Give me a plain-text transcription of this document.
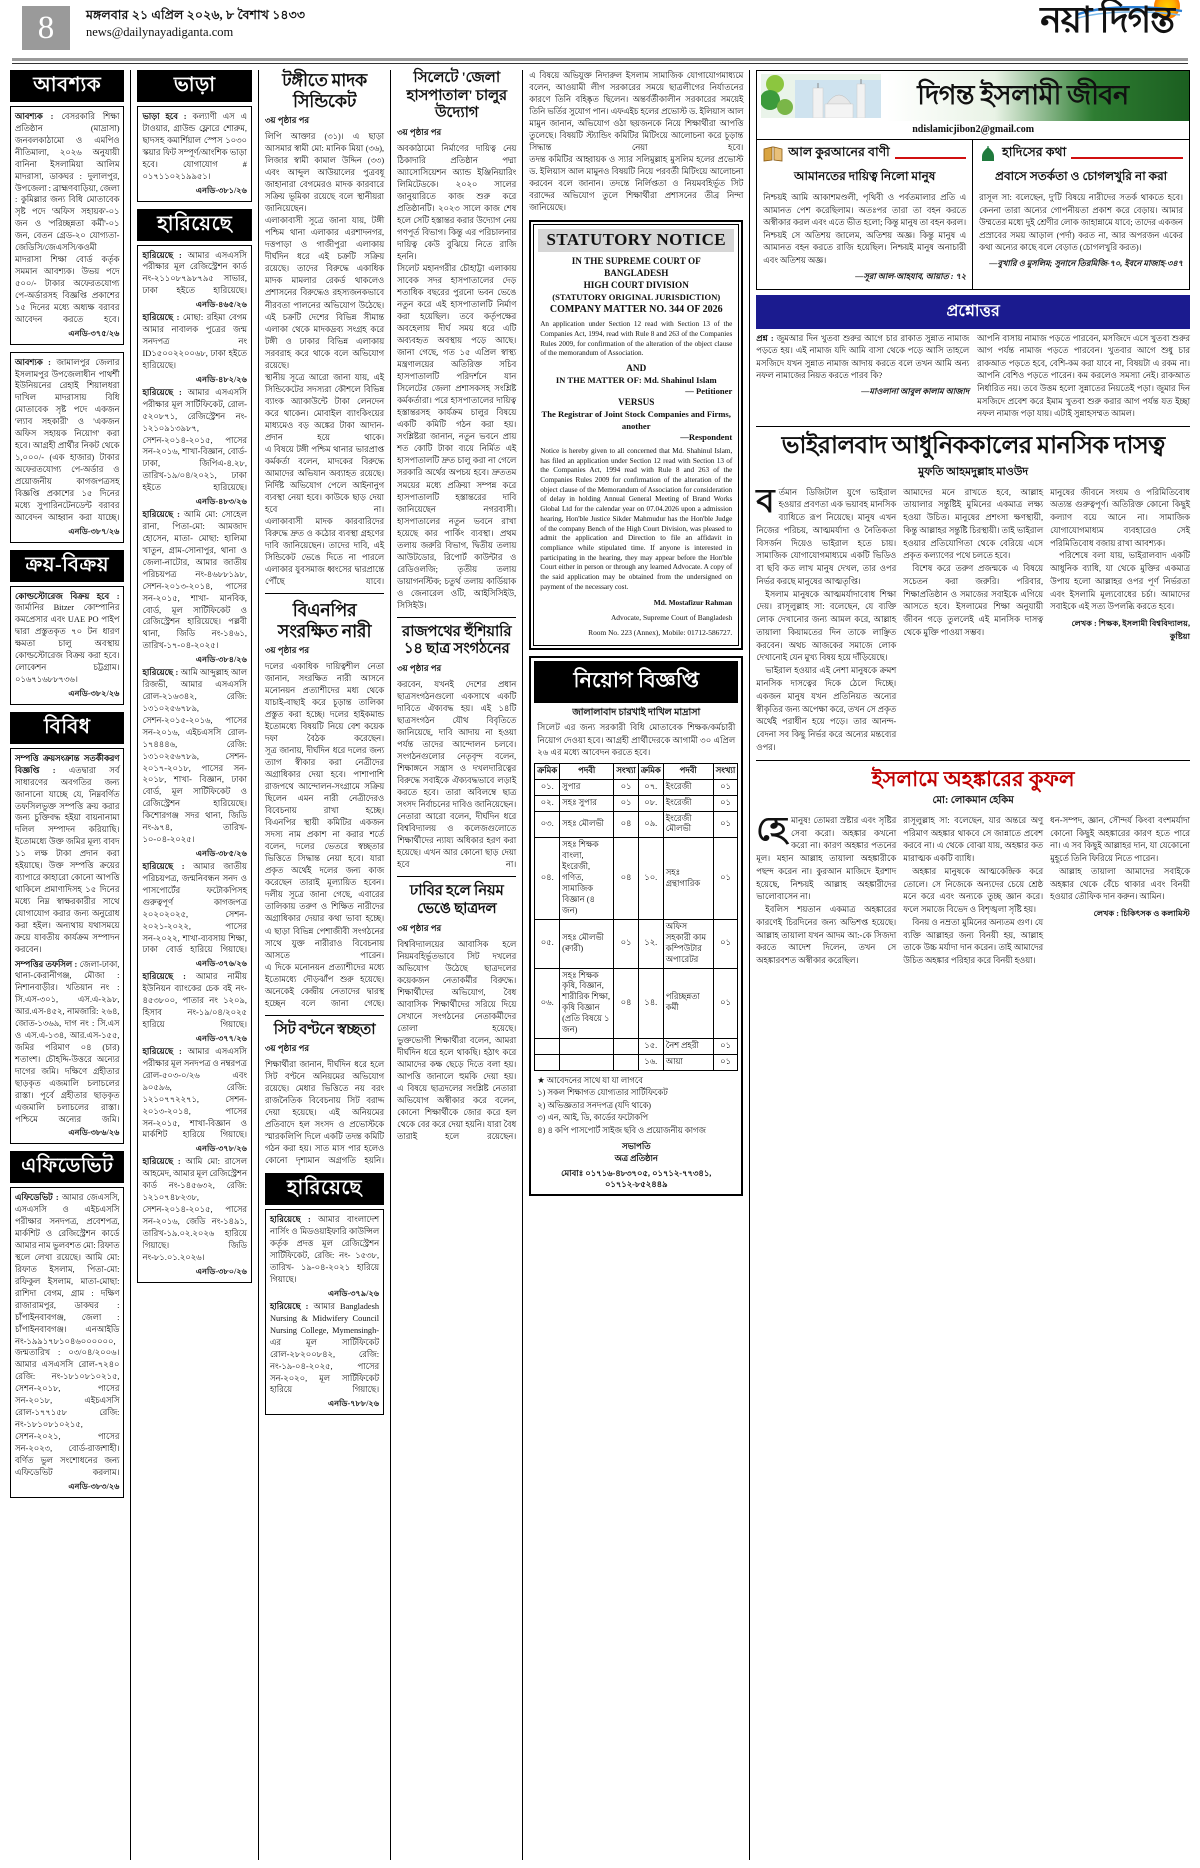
8	মঙ্গলবার ২১ এপ্রিল ২০২৬, ৮ বৈশাখ ১৪৩৩
news@dailynayadiganta.com	নয়া দিগন্ত
আবশ্যক

আবশ্যক : বেসরকারি শিক্ষা প্রতিষ্ঠান (মাদ্রাসা) জনবলকাঠামো ও এমপিও নীতিমালা, ২০২৬ অনুযায়ী বানিনা ইসলামিয়া আলিম মাদরাসা, ডাকঘর : দুলালপুর, উপজেলা : ব্রাহ্মণবাড়িয়া, জেলা : কুমিল্লার জন্য বিধি মোতাবেক সৃষ্ট পদে 'অফিস সহায়ক'-০১ জন ও 'পরিচ্ছন্নতা কর্মী'-০১ জন, বেতন গ্রেড-২০ যোগ্যতা- জেডিসি/জেএসসি/কওমী মাদরাসা শিক্ষা বোর্ড কর্তৃক সমমান আবশ্যক। উভয় পদে ৫০০/- টাকার অফেরতযোগ্য পে-অর্ডারসহ বিজ্ঞপ্তি প্রকাশের ১৫ দিনের মধ্যে অধ্যক্ষ বরাবর আবেদন করতে হবে।

এনডি-৩৭৫/২৬

আবশ্যক : জামালপুর জেলার ইসলামপুর উপজেলাধীন পাথর্শী ইউনিয়নের রেহাই শিয়ালধরা দাখিল মাদরাসায় বিধি মোতাবেক সৃষ্ট পদে একজন 'ল্যাব সহকারী' ও 'একজন অফিস সহায়ক নিয়োগ' করা হবে। আগ্রহী প্রার্থীর নিকট থেকে ১,০০০/- (এক হাজার) টাকার অফেরতযোগ্য পে-অর্ডার ও প্রয়োজনীয় কাগজপত্রসহ বিজ্ঞপ্তি প্রকাশের ১৫ দিনের মধ্যে সুপারিনটেনডেন্ট বরাবর আবেদন আহ্বান করা যাচ্ছে।

এনডি-৩৮৭/২৬
ক্রয়-বিক্রয়

কোল্ডস্টোরেজ বিক্রয় হবে : জার্মানির Bitzer কোম্পানির কমপ্রেসার এবং UAE PO পাইপ দ্বারা প্রস্তুতকৃত ৭০ টন ধারণ ক্ষমতা চালু অবস্থায় কোল্ডস্টোরেজ বিক্রয় করা হবে। লোকেশন চট্টগ্রাম। ০১৬৭১৬৮৮৭৩৬।

এনডি-৩৮২/২৬
বিবিধ

সম্পত্তি ক্রয়সংক্রান্ত সতর্কীকরণ বিজ্ঞপ্তি : এতদ্বারা সর্ব সাধারণের অবগতির জন্য জানানো যাচ্ছে যে, নিম্নবর্ণিত তফসিলভুক্ত সম্পত্তি ক্রয় করার জন্য চুক্তিবদ্ধ হইয়া বায়নানামা দলিল সম্পাদন করিয়াছি। ইতোমধ্যে উক্ত জমির মূল্য বাবদ ১১ লক্ষ টাকা প্রদান করা হইয়াছে। উক্ত সম্পত্তি ক্রয়ের ব্যাপারে কাহারো কোনো আপত্তি থাকিলে প্রমাণাদিসহ ১৫ দিনের মধ্যে নিম্ন স্বাক্ষরকারীর সাথে যোগাযোগ করার জন্য অনুরোধ করা হইল। অন্যথায় যথাসময়ে ক্রয়ে যাবতীয় কার্যক্রম সম্পাদন করবেন।

সম্পত্তির তফসিল : জেলা-ঢাকা, থানা-কেরানীগঞ্জ, মৌজা : নিশানবাড়ীর। খতিয়ান নং : সি.এস-৩০১, এস.এ-২৯৮, আর.এস-৪৫২, নামজারি: ২৬৪, জোত-১৩৬৯, দাগ নং : সি.এস ও এস.এ-১৩৪, আর.এস-১৫৫, জমির পরিমাণ ০৪ (চার) শতাংশ। চৌহদ্দি-উত্তরে অন্যের দাগের জমি। দক্ষিণে গ্রহীতার ছাড়কৃত এজমালি চলাচলের রাস্তা। পূর্বে গ্রহীতার ছাড়কৃত এজমালি চলাচলের রাস্তা। পশ্চিমে অন্যের জমি।

এনডি-৩৮৬/২৬
এফিডেভিট

এফিডেভিট : আমার জেএসসি, এসএসসি ও এইচএসসি পরীক্ষার সনদপত্র, প্রবেশপত্র, মার্কশিট ও রেজিস্ট্রেশন কার্ডে আমার নাম ভুলবশত মো: রিফাত স্থলে লেখা রয়েছে। আমি মো: রিফাত ইসলাম, পিতা-মো: রফিকুল ইসলাম, মাতা-মোছা: রাশিদা বেগম, গ্রাম : দক্ষিণ রাজারামপুর, ডাকঘর : চাঁপাইনবাবগঞ্জ, জেলা : চাঁপাইনবাবগঞ্জ। এনআইডি নং-১৯৯১৭৮১০৪৬০০০০০০, জন্মতারিখ : ০৩/০৪/২০০৬। আমার এসএসসি রোল-৭২৪০ রেজি: নং-১৮১০৮১০২১৫, সেশন-২০১৮, পাসের সন-২০১৮, এইচএসসি রোল-১৭৭১৫৮ রেজি: নং-১৮১০৮১০২১৫, সেশন-২০২১, পাসের সন-২০২৩, বোর্ড-রাজশাহী। বর্ণিত ভুল সংশোধনের জন্য এফিডেভিট করলাম।

এনডি-৩৮৩/২৬
ভাড়া

ভাড়া হবে : কল্যাণী এস এ টাওয়ার, গ্রাউন্ড ফ্লোরে শোরুম, ছাদসহ কমার্শিয়াল স্পেস ১০৩০ স্কয়ার ফিট সম্পূর্ণ/আংশিক ভাড়া হবে। যোগাযোগ # ০১৭১১০২১৯৯৫১।

এনডি-৩৮১/২৬
হারিয়েছে

হারিয়েছে : আমার এসএসসি পরীক্ষার মূল রেজিস্ট্রেশন কার্ড নং-২১১০৮৭৯৮৭৯৫ সাভার, ঢাকা হইতে হারিয়েছে।

এনডি-৪৬৫/২৬

হারিয়েছে : মোছা: রহিমা বেগম আমার নাবালক পুত্রের জন্ম সনদপত্র নং ID১৫০০২২০০৬৮, ঢাকা হইতে হারিয়েছে।

এনডি-৪৮২/২৬

হারিয়েছে : আমার এসএসসি পরীক্ষার মূল সার্টিফিকেট, রোল- ৫২০৮৭১, রেজিস্ট্রেশন নং- ১২১০৯১৩৯৮৭, সেশন-২০১৪-২০১৫, পাসের সন-২০১৬, শাখা-বিজ্ঞান, বোর্ড-ঢাকা, জিপিএ-৪.২৮, তারিখ-১৯/০৪/২০২১, ঢাকা হইতে হারিয়েছে।

এনডি-৪৮৩/২৬

হারিয়েছে : আমি মো: সোহেল রানা, পিতা-মো: আমজাদ হোসেন, মাতা- মোছা: হালিমা খাতুন, গ্রাম-সোনাপুর, থানা ও জেলা-নাটোর, আমার জাতীয় পরিচয়পত্র নং-৪৬৮৮১৯৮, সেশন-২০১৩-২০১৪, পাসের সন-২০১৫, শাখা- মানবিক, বোর্ড, মূল সার্টিফিকেট ও রেজিস্ট্রেশন হারিয়েছে। পল্লবী থানা, জিডি নং-১৪৬১, তারিখ-১৭-০৪-২০২৫।

এনডি-৩৮৪/২৬

হারিয়েছে : আমি আব্দুল্লাহ আল রিজভী, আমার এসএসসি রোল-২১৬৩৪২, রেজি: ১৩১০২৫৬৭৮৯, সেশন-২০১৫-২০১৬, পাসের সন-২০১৬, এইচএসসি রোল- ১৭৪৪৪৬, রেজি: ১৩১০২৫৬৭৮৯, সেশন- ২০১৭-২০১৮, পাসের সন- ২০১৮, শাখা- বিজ্ঞান, ঢাকা বোর্ড, মূল সার্টিফিকেট ও রেজিস্ট্রেশন হারিয়েছে। কিশোরগঞ্জ সদর থানা, জিডি নং-৯৭৪, তারিখ- ১০-০৪-২০২৫।

এনডি-৩৮৫/২৬

হারিয়েছে : আমার জাতীয় পরিচয়পত্র, জন্মনিবন্ধন সনদ ও পাসপোর্টের ফটোকপিসহ গুরুত্বপূর্ণ কাগজপত্র ২০২০২০২৫, সেশন- ২০২১-২০২২, পাসের সন-২০২২, শাখা-ব্যবসায় শিক্ষা, ঢাকা বোর্ড হারিয়ে গিয়াছে।

এনডি-৩৭৬/২৬

হারিয়েছে : আমার নামীয় ইউনিয়ন ব্যাংকের চেক বই নং- ৪৫৩৮০০, পাতার নং ১২০৯, হিসাব নং-১৯/০৪/২০২৫ হারিয়ে গিয়াছে।

এনডি-৩৭৭/২৬

হারিয়েছে : আমার এসএসসি পরীক্ষার মূল সনদপত্র ও নম্বরপত্র রোল-৫০৩-০/২৬ এবং ৯০৫৯৬, রেজি: ১২১০৭৭২২৭১, সেশন- ২০১৩-২০১৪, পাসের সন-২০১৫, শাখা-বিজ্ঞান ও মার্কশিট হারিয়ে গিয়াছে।

এনডি-৩৭৮/২৬

হারিয়েছে : আমি মো: রাসেল আহমেদ, আমার মূল রেজিস্ট্রেশন কার্ড নং-১৪৫৬৩২, রেজি: ১২১০৭৪৮২৩৮, সেশন-২০১৪-২০১৫, পাসের সন-২০১৬, জেডি নং-১৪৯১, তারিখ-১৯.০২.২০২৬ হারিয়ে গিয়াছে। জিডি নং-৮১.০১.২০২৬।

এনডি-৩৮০/২৬
টঙ্গীতে মাদক সিন্ডিকেট
৩য় পৃষ্ঠার পর

লিপি আক্তার (৩১)। এ ছাড়া আসমার স্বামী মো: মানিক মিয়া (৩৬), লিজার স্বামী কামাল উদ্দিন (৩৩) এবং আব্দুল আউয়ালের পুত্রবধূ জাহানারা বেগমেরও মাদক কারবারে সক্রিয় ভূমিকা রয়েছে বলে স্থানীয়রা জানিয়েছেন।

এলাকাবাসী সূত্রে জানা যায়, টঙ্গী পশ্চিম থানা এলাকার এরশাদনগর, দত্তপাড়া ও গাজীপুরা এলাকায় দীর্ঘদিন ধরে এই চক্রটি সক্রিয় রয়েছে। তাদের বিরুদ্ধে একাধিক মাদক মামলার রেকর্ড থাকলেও প্রশাসনের বিরুদ্ধেও রহস্যজনকভাবে নীরবতা পালনের অভিযোগ উঠেছে। এই চক্রটি দেশের বিভিন্ন সীমান্ত এলাকা থেকে মাদকদ্রব্য সংগ্রহ করে টঙ্গী ও ঢাকার বিভিন্ন এলাকায় সরবরাহ করে থাকে বলে অভিযোগ রয়েছে।

স্থানীয় সূত্রে আরো জানা যায়, এই সিন্ডিকেটের সদস্যরা কৌশলে বিভিন্ন ব্যাংক অ্যাকাউন্টে টাকা লেনদেন করে থাকেন। মোবাইল ব্যাংকিংয়ের মাধ্যমেও বড় অঙ্কের টাকা আদান-প্রদান হয়ে থাকে।

এ বিষয়ে টঙ্গী পশ্চিম থানার ভারপ্রাপ্ত কর্মকর্তা বলেন, মাদকের বিরুদ্ধে আমাদের অভিযান অব্যাহত রয়েছে। নির্দিষ্ট অভিযোগ পেলে আইনানুগ ব্যবস্থা নেয়া হবে। কাউকে ছাড় দেয়া হবে না।

এলাকাবাসী মাদক কারবারিদের বিরুদ্ধে দ্রুত ও কঠোর ব্যবস্থা গ্রহণের দাবি জানিয়েছেন। তাদের দাবি, এই সিন্ডিকেট ভেঙে দিতে না পারলে এলাকার যুবসমাজ ধ্বংসের দ্বারপ্রান্তে পৌঁছে যাবে।

বিএনপির সংরক্ষিত নারী
৩য় পৃষ্ঠার পর

দলের একাধিক দায়িত্বশীল নেতা জানান, সংরক্ষিত নারী আসনে মনোনয়ন প্রত্যাশীদের মধ্য থেকে যাচাই-বাছাই করে চূড়ান্ত তালিকা প্রস্তুত করা হচ্ছে। দলের হাইকমান্ড ইতোমধ্যে বিষয়টি নিয়ে বেশ কয়েক দফা বৈঠক করেছেন।

সূত্র জানায়, দীর্ঘদিন ধরে দলের জন্য ত্যাগ স্বীকার করা নেত্রীদের অগ্রাধিকার দেয়া হবে। পাশাপাশি রাজপথে আন্দোলন-সংগ্রামে সক্রিয় ছিলেন এমন নারী নেত্রীদেরও বিবেচনায় রাখা হচ্ছে।

বিএনপির স্থায়ী কমিটির একজন সদস্য নাম প্রকাশ না করার শর্তে বলেন, দলের ভেতরে স্বচ্ছতার ভিত্তিতে সিদ্ধান্ত নেয়া হবে। যারা প্রকৃত অর্থেই দলের জন্য কাজ করেছেন তারাই মূল্যায়িত হবেন।

দলীয় সূত্রে জানা গেছে, এবারের তালিকায় তরুণ ও শিক্ষিত নারীদের অগ্রাধিকার দেয়ার কথা ভাবা হচ্ছে। এ ছাড়া বিভিন্ন পেশাজীবী সংগঠনের সাথে যুক্ত নারীরাও বিবেচনায় আসতে পারেন।

এ দিকে মনোনয়ন প্রত্যাশীদের মধ্যে ইতোমধ্যে দৌড়ঝাঁপ শুরু হয়েছে। অনেকেই কেন্দ্রীয় নেতাদের দ্বারস্থ হচ্ছেন বলে জানা গেছে।

সিট বণ্টনে স্বচ্ছতা
৩য় পৃষ্ঠার পর

শিক্ষার্থীরা জানান, দীর্ঘদিন ধরে হলে সিট বণ্টনে অনিয়মের অভিযোগ রয়েছে। মেধার ভিত্তিতে নয় বরং রাজনৈতিক বিবেচনায় সিট বরাদ্দ দেয়া হয়েছে। এই অনিয়মের প্রতিবাদে হল সংসদ ও প্রভোস্টকে স্মারকলিপি দিলে একটি তদন্ত কমিটি গঠন করা হয়। সাত মাস পার হলেও কোনো দৃশ্যমান অগ্রগতি হয়নি।

হারিয়েছে

হারিয়েছে : আমার বাংলাদেশ নার্সিং ও মিডওয়াইফারি কাউন্সিল কর্তৃক প্রদত্ত মূল রেজিস্ট্রেশন সার্টিফিকেট, রেজি: নং- ১৫৩৮, তারিখ- ১৯-০৪-২০২১ হারিয়ে গিয়াছে।

এনডি-৩৭৯/২৬

হারিয়েছে : আমার Bangladesh Nursing & Midwifery Council Nursing College, Mymensingh-এর মূল সার্টিফিকেট রোল-২৮২০০৮৪২, রেজি: নং-১৯-০৪-২০২৫, পাসের সন-২০২০, মূল সার্টিফিকেট হারিয়ে গিয়াছে।

এনডি-৭৮৮/২৬
সিলেটে 'জেলা হাসপাতাল' চালুর উদ্যোগ
৩য় পৃষ্ঠার পর

অবকাঠামো নির্মাণের দায়িত্ব নেয় ঠিকাদারি প্রতিষ্ঠান পদ্মা অ্যাসোসিয়েশন অ্যান্ড ইঞ্জিনিয়ারিং লিমিটেডকে। ২০২০ সালের জানুয়ারিতে কাজ শুরু করে প্রতিষ্ঠানটি। ২০২৩ সালে কাজ শেষ হলে সেটি হস্তান্তর করার উদ্যোগ নেয় গণপূর্ত বিভাগ। কিন্তু এর পরিচালনার দায়িত্ব কেউ বুঝিয়ে নিতে রাজি হননি।

সিলেট মহানগরীর চৌহাট্টা এলাকায় সাবেক সদর হাসপাতালের দেড় শতাধিক বছরের পুরনো ভবন ভেঙে নতুন করে এই হাসপাতালটি নির্মাণ করা হয়েছিল। তবে কর্তৃপক্ষের অবহেলায় দীর্ঘ সময় ধরে এটি অব্যবহৃত অবস্থায় পড়ে আছে।

জানা গেছে, গত ১৫ এপ্রিল স্বাস্থ্য মন্ত্রণালয়ের অতিরিক্ত সচিব হাসপাতালটি পরিদর্শনে যান সিলেটের জেলা প্রশাসকসহ সংশ্লিষ্ট কর্মকর্তারা। পরে হাসপাতালের দায়িত্ব হস্তান্তরসহ কার্যক্রম চালুর বিষয়ে একটি কমিটি গঠন করা হয়।

সংশ্লিষ্টরা জানান, নতুন ভবনে প্রায় শত কোটি টাকা ব্যয়ে নির্মিত এই হাসপাতালটি দ্রুত চালু করা না গেলে সরকারি অর্থের অপচয় হবে। দ্রুততম সময়ের মধ্যে প্রক্রিয়া সম্পন্ন করে হাসপাতালটি হস্তান্তরের দাবি জানিয়েছেন নগরবাসী।

হাসপাতালের নতুন ভবনে রাখা হয়েছে কার পার্কিং ব্যবস্থা। প্রথম তলায় জরুরি বিভাগ, দ্বিতীয় তলায় আউটডোর, রিপোর্ট কাউন্টার ও রেডিওলজি; তৃতীয় তলায় ডায়াগনস্টিক; চতুর্থ তলায় কার্ডিয়াক ও জেনারেল ওটি, আইসিসিইউ, সিসিইউ।

রাজপথের হুঁশিয়ারি ১৪ ছাত্র সংগঠনের
৩য় পৃষ্ঠার পর

করবেন, যখনই দেশের প্রধান ছাত্রসংগঠনগুলো একসাথে একটি দাবিতে ঐক্যবদ্ধ হয়। এই ১৪টি ছাত্রসংগঠন যৌথ বিবৃতিতে জানিয়েছে, দাবি আদায় না হওয়া পর্যন্ত তাদের আন্দোলন চলবে।

সংগঠনগুলোর নেতৃবৃন্দ বলেন, শিক্ষাঙ্গনে সন্ত্রাস ও দখলদারিত্বের বিরুদ্ধে সবাইকে ঐক্যবদ্ধভাবে লড়াই করতে হবে। তারা অবিলম্বে ছাত্র সংসদ নির্বাচনের দাবিও জানিয়েছেন।

নেতারা আরো বলেন, দীর্ঘদিন ধরে বিশ্ববিদ্যালয় ও কলেজগুলোতে শিক্ষার্থীদের ন্যায্য অধিকার হরণ করা হয়েছে। এখন আর কোনো ছাড় দেয়া হবে না।

ঢাবির হলে নিয়ম ভেঙে ছাত্রদল
৩য় পৃষ্ঠার পর

বিশ্ববিদ্যালয়ের আবাসিক হলে নিয়মবহির্ভূতভাবে সিট দখলের অভিযোগ উঠেছে ছাত্রদলের কয়েকজন নেতাকর্মীর বিরুদ্ধে। শিক্ষার্থীদের অভিযোগ, বৈধ আবাসিক শিক্ষার্থীদের সরিয়ে দিয়ে সেখানে সংগঠনের নেতাকর্মীদের তোলা হয়েছে।

ভুক্তভোগী শিক্ষার্থীরা বলেন, আমরা দীর্ঘদিন ধরে হলে থাকছি। হঠাৎ করে আমাদের কক্ষ ছেড়ে দিতে বলা হয়। আপত্তি জানালে হুমকি দেয়া হয়।

এ বিষয়ে ছাত্রদলের সংশ্লিষ্ট নেতারা অভিযোগ অস্বীকার করে বলেন, কোনো শিক্ষার্থীকে জোর করে হল থেকে বের করে দেয়া হয়নি। যারা বৈধ তারাই হলে রয়েছেন।

এ বিষয়ে অভিযুক্ত নিদারুল ইসলাম সামাজিক যোগাযোগমাধ্যমে বলেন, আওয়ামী লীগ সরকারের সময়ে ছাত্রলীগের নির্যাতনের কারণে তিনি বহিষ্কৃত ছিলেন। অন্তর্বর্তীকালীন সরকারের সময়েই তিনি ভর্তির সুযোগ পান। এফএইচ হলের প্রভোস্ট ড. ইলিয়াস আল মামুন জানান, অভিযোগ ওঠা ছয়জনকে নিয়ে শিক্ষার্থীরা আপত্তি তুলেছে। বিষয়টি স্ট্যান্ডিং কমিটির মিটিংয়ে আলোচনা করে চূড়ান্ত সিদ্ধান্ত নেয়া হবে।

তদন্ত কমিটির আহ্বায়ক ও স্যার সলিমুল্লাহ মুসলিম হলের প্রভোস্ট ড. ইলিয়াস আল মামুনও বিষয়টি নিয়ে পরবর্তী মিটিংয়ে আলোচনা করবেন বলে জানান। তদন্তে নির্লিপ্ততা ও নিয়মবহির্ভূত সিট বরাদ্দের অভিযোগ তুলে শিক্ষার্থীরা প্রশাসনের তীব্র নিন্দা জানিয়েছে।

STATUTORY NOTICE
IN THE SUPREME COURT OF BANGLADESH
HIGH COURT DIVISION
(STATUTORY ORIGINAL JURISDICTION)
COMPANY MATTER NO. 344 OF 2026

An application under Section 12 read with Section 13 of the Companies Act, 1994, read with Rule 8 and 263 of the Companies Rules 2009, for confirmation of the alteration of the object clause of the memorandum of Association.

AND
IN THE MATTER OF: Md. Shahinul Islam
— Petitioner
VERSUS
The Registrar of Joint Stock Companies and Firms, another
—Respondent

Notice is hereby given to all concerned that Md. Shahinul Islam, has filed an application under Section 12 read with Section 13 of the Companies Act, 1994 read with Rule 8 and 263 of the Companies Rules 2009 for confirmation of the alteration of the object clause of the Memorandum of Association for consideration of delay in holding Annual General Meeting of Brand Works Global Ltd for the calendar year on 07.04.2026 upon a admission hearing, Hon'ble Justice Sikder Mahmudur has the Hon'ble Judge of the company Bench of the High Court Division, was pleased to admit the application and Direction to file an affidavit in compliance while stipulated time. If anyone is interested in participating in the hearing, they may appear before the Hon'ble Court either in person or through any learned Advocate. A copy of the said application may be obtained from the undersigned on payment of the necessary cost.

Md. Mostafizur Rahman
Advocate, Supreme Court of Bangladesh
Room No. 223 (Annex), Mobile: 01712-586727.
নিয়োগ বিজ্ঞপ্তি
জালালাবাদ চারখাই দাখিল মাদ্রাসা

সিলেট এর জন্য সরকারী বিধি মোতাবেক শিক্ষক/কর্মচারী নিয়োগ দেওয়া হবে। আগ্রহী প্রার্থীদেরকে আগামী ৩০ এপ্রিল ২৬ এর মধ্যে আবেদন করতে হবে।

ক্রমিক	পদবী	সংখ্যা	ক্রমিক	পদবী	সংখ্যা
০১.	সুপার	০১	০৭.	ইংরেজী	০১
০২.	সহঃ সুপার	০১	০৮.	ইংরেজী	০১
০৩.	সহঃ মৌলভী	০৪	০৯.	ইংরেজী মৌলভী	০১
০৪.	সহঃ শিক্ষক বাংলা, ইংরেজী, গণিত, সামাজিক বিজ্ঞান (৪ জন)	০৪	১০.	সহঃ গ্রন্থাগারিক	০১
০৫.	সহঃ মৌলভী (ক্বারী)	০১	১২.	অফিস সহকারী কাম কম্পিউটার অপারেটর	০১
০৬.	সহঃ শিক্ষক কৃষি, বিজ্ঞান, শারীরিক শিক্ষা, কৃষি বিজ্ঞান (প্রতি বিষয়ে ১ জন)	০৪	১৪.	পরিচ্ছন্নতা কর্মী	০১
			১৫.	নৈশ প্রহরী	০১
			১৬.	আয়া	০১
★ আবেদনের সাথে যা যা লাগবে
১) সকল শিক্ষাগত যোগ্যতার সার্টিফিকেট
২) অভিজ্ঞতার সনদপত্র (যদি থাকে)
৩) এন, আই, ডি, কার্ডের ফটোকপি
৪) ৪ কপি পাসপোর্ট সাইজ ছবি ও প্রয়োজনীয় কাগজ
সভাপতি
অত্র প্রতিষ্ঠান
মোবাঃ ০১৭১৬-৪৮৩৭০৫, ০১৭১২-৭৭৩৪১, ০১৭১২-৮৫২৪৪৯
দিগন্ত ইসলামী জীবন
ndislamicjibon2@gmail.com
আল কুরআনের বাণী
আমানতের দায়িত্ব নিলো মানুষ

নিশ্চয়ই আমি আকাশমণ্ডলী, পৃথিবী ও পর্বতমালার প্রতি এ আমানত পেশ করেছিলাম। অতঃপর তারা তা বহন করতে অস্বীকার করল এবং এতে ভীত হলো; কিন্তু মানুষ তা বহন করল। নিশ্চয়ই সে অতিশয় জালেম, অতিশয় অজ্ঞ। কিন্তু মানুষ এ আমানত বহন করতে রাজি হয়েছিল। নিশ্চয়ই মানুষ অনাচারী এবং অতিশয় অজ্ঞ।

—সূরা আল-আহযাব, আয়াত : ৭২
হাদিসের কথা
প্রবাসে সতর্কতা ও চোগলখুরি না করা

রাসূল সা: বলেছেন, দু'টি বিষয়ে নারীদের সতর্ক থাকতে হবে। কেননা তারা অন্যের গোপনীয়তা প্রকাশ করে বেড়ায়। আমার উম্মতের মধ্যে দুই শ্রেণীর লোক জাহান্নামে যাবে; তাদের একজন প্রস্রাবের সময় আড়াল (পর্দা) করত না, আর অপরজন একের কথা অন্যের কাছে বলে বেড়াত (চোগলখুরি করত)।

—বুখারি ও মুসলিম; সুনানে তিরমিজি-৭০, ইবনে মাজাহ-৩৪৭
প্রশ্নোত্তর
প্রশ্ন : জুমআর দিন খুতবা শুরুর আগে চার রাকাত সুন্নাত নামাজ পড়তে হয়। এই নামাজ যদি আমি বাসা থেকে পড়ে আসি তাহলে মসজিদে যখন সুন্নাত নামাজ আদায় করতে বলে তখন আমি অন্য নফল নামাজের নিয়ত করতে পারব কি?
—মাওলানা আবুল কালাম আজাদ
আপনি বাসায় নামাজ পড়তে পারবেন, মসজিদে এসে খুতবা শুরুর আগ পর্যন্ত নামাজ পড়তে পারবেন। খুতবার আগে শুধু চার রাকআত পড়তে হবে, বেশি-কম করা যাবে না, বিষয়টা এ রকম না। আপনি বেশিও পড়তে পারেন। কম করলেও সমস্যা নেই। রাকআত নির্ধারিত নয়। তবে উত্তম হলো সুন্নাতের নিয়তেই পড়া। জুমার দিন মসজিদে প্রবেশ করে ইমাম খুতবা শুরু করার আগ পর্যন্ত যত ইচ্ছা নফল নামাজ পড়া যায়। এটাই সুন্নাহসম্মত আমল।
ভাইরালবাদ আধুনিককালের মানসিক দাসত্ব
মুফতি আহমদুল্লাহ মাওউদ
ব র্তমান ডিজিটাল যুগে ভাইরাল হওয়ার প্রবণতা এক ভয়াবহ মানসিক ব্যাধিতে রূপ নিয়েছে। মানুষ এখন নিজের পরিচয়, আত্মমর্যাদা ও নৈতিকতা বিসর্জন দিয়েও ভাইরাল হতে চায়। সামাজিক যোগাযোগমাধ্যমে একটি ভিডিও বা ছবি কত লাখ মানুষ দেখল, তার ওপর নির্ভর করছে মানুষের আত্মতৃপ্তি।

ইসলাম মানুষকে আত্মমর্যাদাবোধ শিক্ষা দেয়। রাসূলুল্লাহ সা: বলেছেন, যে ব্যক্তি লোক দেখানোর জন্য আমল করে, আল্লাহ তায়ালা কিয়ামতের দিন তাকে লাঞ্ছিত করবেন। অথচ আজকের সমাজে লোক দেখানোই যেন মুখ্য বিষয় হয়ে দাঁড়িয়েছে।

ভাইরাল হওয়ার এই নেশা মানুষকে ক্রমশ মানসিক দাসত্বের দিকে ঠেলে দিচ্ছে। একজন মানুষ যখন প্রতিনিয়ত অন্যের স্বীকৃতির জন্য অপেক্ষা করে, তখন সে প্রকৃত অর্থেই পরাধীন হয়ে পড়ে। তার আনন্দ-বেদনা সব কিছু নির্ভর করে অন্যের মন্তব্যের ওপর।

আমাদের মনে রাখতে হবে, আল্লাহ তায়ালার সন্তুষ্টিই মুমিনের একমাত্র লক্ষ্য হওয়া উচিত। মানুষের প্রশংসা ক্ষণস্থায়ী, কিন্তু আল্লাহর সন্তুষ্টি চিরস্থায়ী। তাই ভাইরাল হওয়ার প্রতিযোগিতা থেকে বেরিয়ে এসে প্রকৃত কল্যাণের পথে চলতে হবে।

বিশেষ করে তরুণ প্রজন্মকে এ বিষয়ে সচেতন করা জরুরি। পরিবার, শিক্ষাপ্রতিষ্ঠান ও সমাজের সবাইকে এগিয়ে আসতে হবে। ইসলামের শিক্ষা অনুযায়ী জীবন গড়ে তুললেই এই মানসিক দাসত্ব থেকে মুক্তি পাওয়া সম্ভব।

মানুষের জীবনে সংযম ও পরিমিতিবোধ অত্যন্ত গুরুত্বপূর্ণ। অতিরিক্ত কোনো কিছুই কল্যাণ বয়ে আনে না। সামাজিক যোগাযোগমাধ্যম ব্যবহারেও সেই পরিমিতিবোধ বজায় রাখা আবশ্যক।

পরিশেষে বলা যায়, ভাইরালবাদ একটি আধুনিক ব্যাধি, যা থেকে মুক্তির একমাত্র উপায় হলো আল্লাহর ওপর পূর্ণ নির্ভরতা এবং ইসলামি মূল্যবোধের চর্চা। আমাদের সবাইকে এই সত্য উপলব্ধি করতে হবে।

লেখক : শিক্ষক, ইসলামী বিশ্ববিদ্যালয়, কুষ্টিয়া
ইসলামে অহঙ্কারের কুফল
মো: লোকমান হেকিম
হে মানুষ! তোমরা স্রষ্টার এবং সৃষ্টির সেবা করো। অহঙ্কার কখনো করো না। কারণ অহঙ্কার পতনের মূল। মহান আল্লাহ তায়ালা অহঙ্কারীকে পছন্দ করেন না। কুরআন মাজিদে ইরশাদ হয়েছে, নিশ্চয়ই আল্লাহ অহঙ্কারীদের ভালোবাসেন না।

ইবলিস শয়তান একমাত্র অহঙ্কারের কারণেই চিরদিনের জন্য অভিশপ্ত হয়েছে। আল্লাহ তায়ালা যখন আদম আ:-কে সিজদা করতে আদেশ দিলেন, তখন সে অহঙ্কারবশত অস্বীকার করেছিল।

রাসূলুল্লাহ সা: বলেছেন, যার অন্তরে অণু পরিমাণ অহঙ্কার থাকবে সে জান্নাতে প্রবেশ করবে না। এ থেকে বোঝা যায়, অহঙ্কার কত মারাত্মক একটি ব্যাধি।

অহঙ্কার মানুষকে আত্মকেন্দ্রিক করে তোলে। সে নিজেকে অন্যদের চেয়ে শ্রেষ্ঠ মনে করে এবং অন্যকে তুচ্ছ জ্ঞান করে। ফলে সমাজে বিভেদ ও বিশৃঙ্খলা সৃষ্টি হয়।

বিনয় ও নম্রতা মুমিনের অন্যতম গুণ। যে ব্যক্তি আল্লাহর জন্য বিনয়ী হয়, আল্লাহ তাকে উচ্চ মর্যাদা দান করেন। তাই আমাদের উচিত অহঙ্কার পরিহার করে বিনয়ী হওয়া।

ধন-সম্পদ, জ্ঞান, সৌন্দর্য কিংবা বংশমর্যাদা কোনো কিছুই অহঙ্কারের কারণ হতে পারে না। এ সব কিছুই আল্লাহর দান, যা যেকোনো মুহূর্তে তিনি ফিরিয়ে নিতে পারেন।

আল্লাহ তায়ালা আমাদের সবাইকে অহঙ্কার থেকে বেঁচে থাকার এবং বিনয়ী হওয়ার তৌফিক দান করুন। আমিন।

লেখক : চিকিৎসক ও কলামিস্ট
